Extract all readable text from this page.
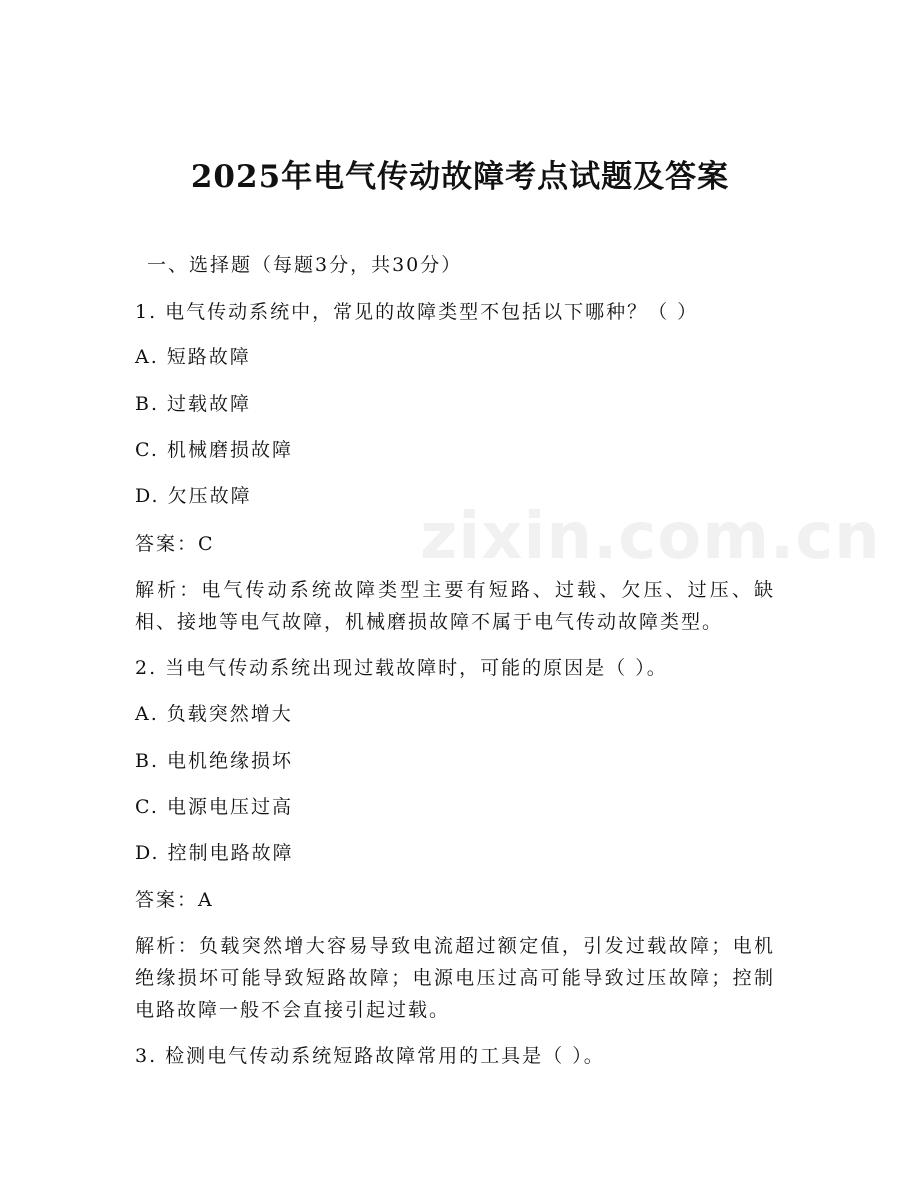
zixin.com.cn
2025年电气传动故障考点试题及答案
一、选择题（每题3分，共30分）
1. 电气传动系统中，常见的故障类型不包括以下哪种？（ ）
A. 短路故障
B. 过载故障
C. 机械磨损故障
D. 欠压故障
答案：C
解析：电气传动系统故障类型主要有短路、过载、欠压、过压、缺相、接地等电气故障，机械磨损故障不属于电气传动故障类型。
2. 当电气传动系统出现过载故障时，可能的原因是（ ）。
A. 负载突然增大
B. 电机绝缘损坏
C. 电源电压过高
D. 控制电路故障
答案：A
解析：负载突然增大容易导致电流超过额定值，引发过载故障；电机绝缘损坏可能导致短路故障；电源电压过高可能导致过压故障；控制电路故障一般不会直接引起过载。
3. 检测电气传动系统短路故障常用的工具是（ ）。
